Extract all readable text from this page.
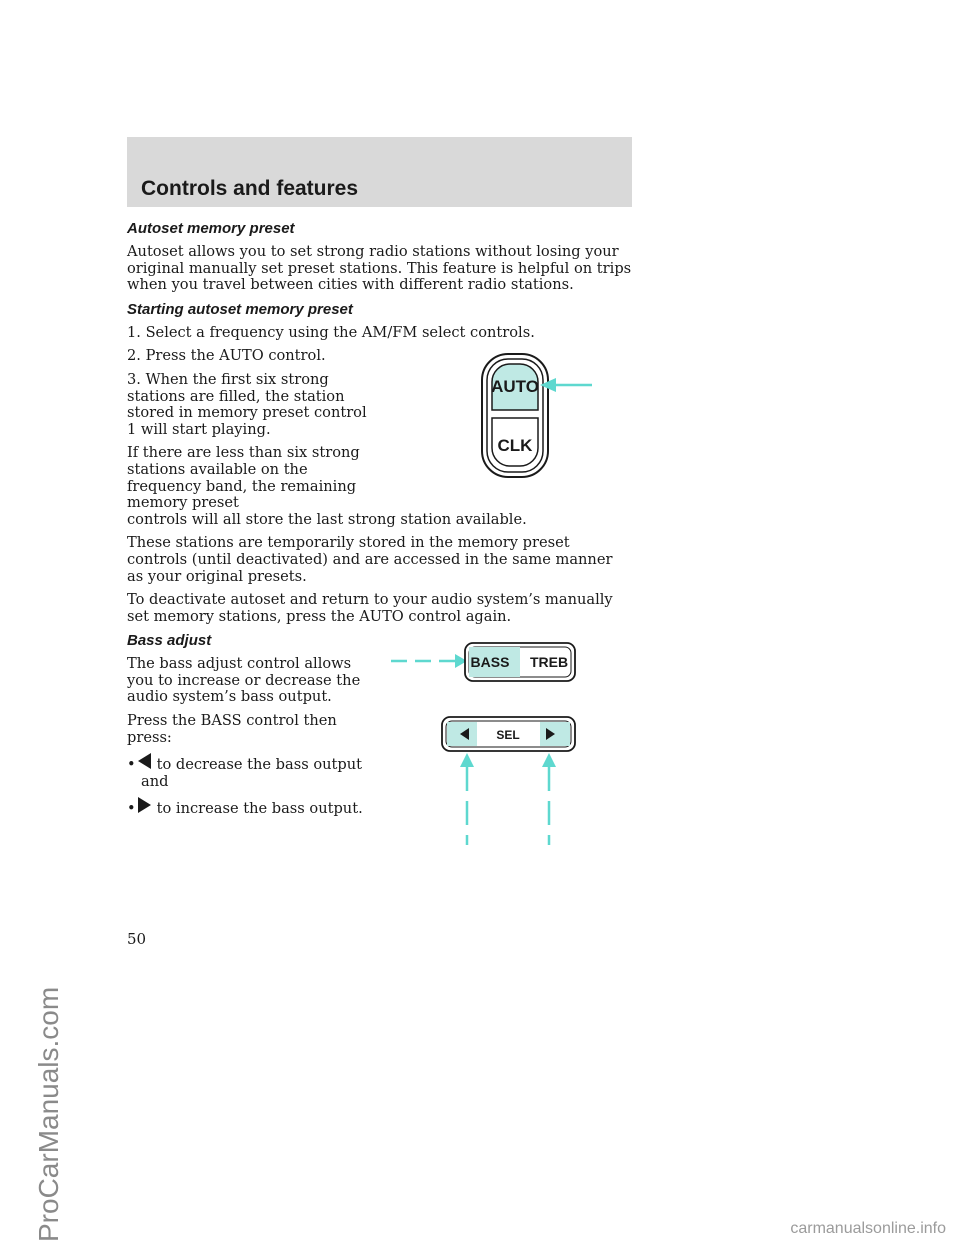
Controls and features
Autoset memory preset

Autoset allows you to set strong radio stations without losing your original manually set preset stations. This feature is helpful on trips when you travel between cities with different radio stations.

Starting autoset memory preset

1. Select a frequency using the AM/FM select controls.

2. Press the AUTO control.

3. When the first six strong stations are filled, the station stored in memory preset control 1 will start playing.

If there are less than six strong stations available on the frequency band, the remaining memory preset

controls will all store the last strong station available.

These stations are temporarily stored in the memory preset controls (until deactivated) and are accessed in the same manner as your original presets.

To deactivate autoset and return to your audio system’s manually set memory stations, press the AUTO control again.

Bass adjust

The bass adjust control allows you to increase or decrease the audio system’s bass output.

Press the BASS control then press:

• to decrease the bass output
and
• to increase the bass output.
AUTO
CLK
BASS TREB
SEL
50
ProCarManuals.com	carmanualsonline.info
